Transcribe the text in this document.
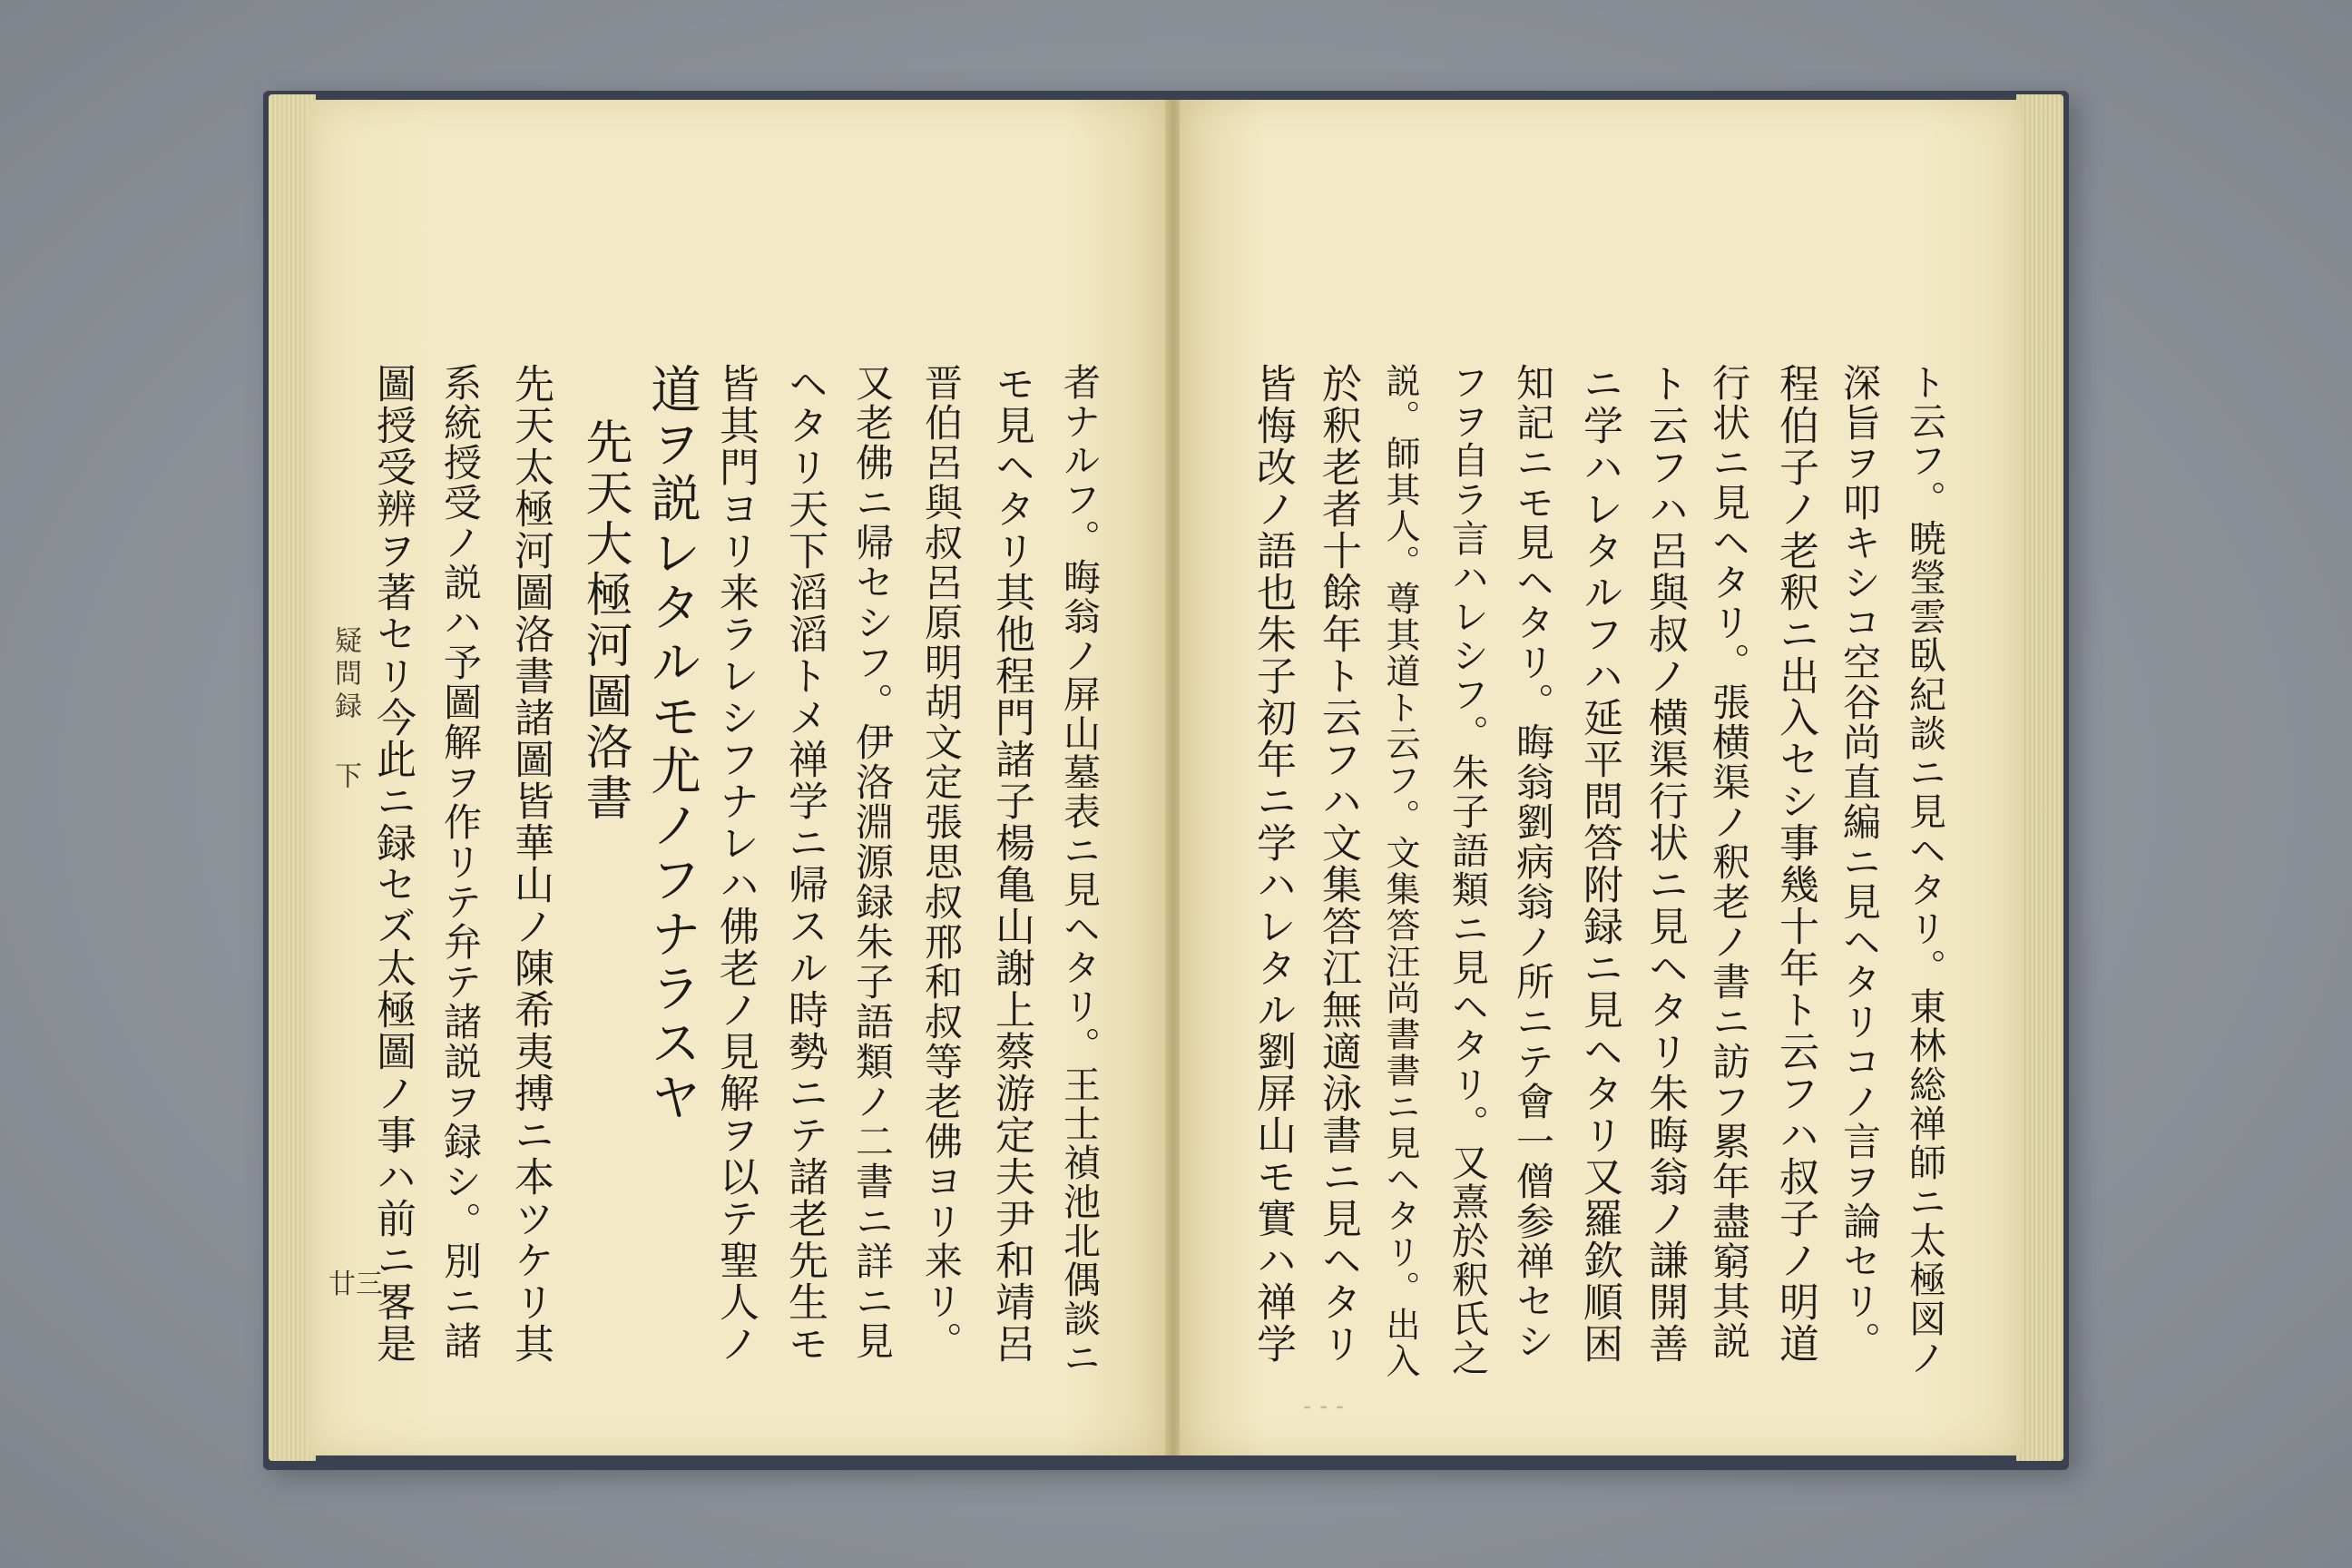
者ナルフ。晦翁ノ屏山墓表ニ見ヘタリ。王士禎池北偶談ニ
モ見ヘタリ其他程門諸子楊亀山謝上蔡游定夫尹和靖呂
晋伯呂與叔呂原明胡文定張思叔邢和叔等老佛ヨリ来リ。
又老佛ニ帰セシフ。伊洛淵源録朱子語類ノ二書ニ詳ニ見
ヘタリ天下滔滔トメ禅学ニ帰スル時勢ニテ諸老先生モ
皆其門ヨリ来ラレシフナレハ佛老ノ見解ヲ以テ聖人ノ
道ヲ説レタルモ尤ノフナラスヤ
先天大極河圖洛書
先天太極河圖洛書諸圖皆華山ノ陳希夷搏ニ本ツケリ其
系統授受ノ説ハ予圖解ヲ作リテ弁テ諸説ヲ録シ。別ニ諸
圖授受辨ヲ著セリ今此ニ録セズ太極圖ノ事ハ前ニ畧是
疑問録 下
廿三	ト云フ。暁瑩雲臥紀談ニ見ヘタリ。東林総禅師ニ太極図ノ
深旨ヲ叩キシコ空谷尚直編ニ見ヘタリコノ言ヲ論セリ。
程伯子ノ老釈ニ出入セシ事幾十年ト云フハ叔子ノ明道
行状ニ見ヘタリ。張横渠ノ釈老ノ書ニ訪フ累年盡窮其説
ト云フハ呂與叔ノ横渠行状ニ見ヘタリ朱晦翁ノ謙開善
ニ学ハレタルフハ延平問答附録ニ見ヘタリ又羅欽順困
知記ニモ見ヘタリ。晦翁劉病翁ノ所ニテ會一僧参禅セシ
フヲ自ラ言ハレシフ。朱子語類ニ見ヘタリ。又熹於釈氏之
説。師其人。尊其道ト云フ。文集答汪尚書書ニ見ヘタリ。出入
於釈老者十餘年ト云フハ文集答江無適泳書ニ見ヘタリ
皆悔改ノ語也朱子初年ニ学ハレタル劉屏山モ實ハ禅学
⁃ ⁃ ⁃
